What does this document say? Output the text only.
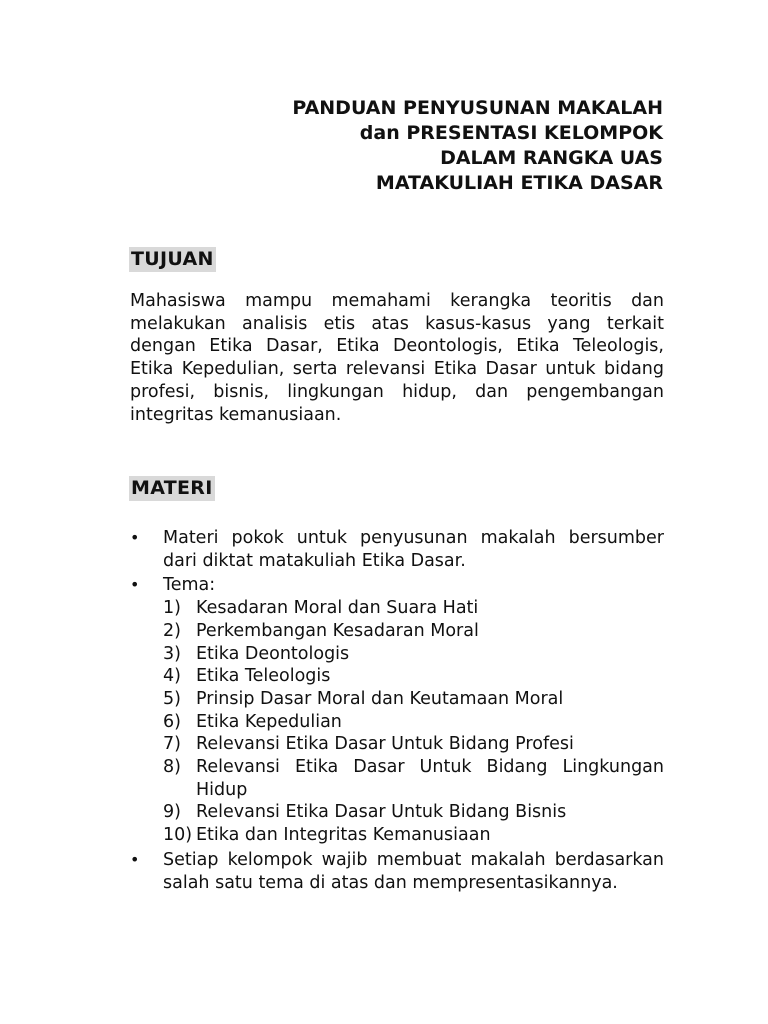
PANDUAN PENYUSUNAN MAKALAH
dan PRESENTASI KELOMPOK
DALAM RANGKA UAS
MATAKULIAH ETIKA DASAR
TUJUAN

Mahasiswa mampu memahami kerangka teoritis dan melakukan analisis etis atas kasus-kasus yang terkait dengan Etika Dasar, Etika Deontologis, Etika Teleologis, Etika Kepedulian, serta relevansi Etika Dasar untuk bidang profesi, bisnis, lingkungan hidup, dan pengembangan integritas kemanusiaan.

MATERI
•	Materi pokok untuk penyusunan makalah bersumber dari diktat matakuliah Etika Dasar.
•	Tema:
1) Kesadaran Moral dan Suara Hati
2) Perkembangan Kesadaran Moral
3) Etika Deontologis
4) Etika Teleologis
5) Prinsip Dasar Moral dan Keutamaan Moral
6) Etika Kepedulian
7) Relevansi Etika Dasar Untuk Bidang Profesi
8) Relevansi Etika Dasar Untuk Bidang Lingkungan Hidup
9) Relevansi Etika Dasar Untuk Bidang Bisnis
10) Etika dan Integritas Kemanusiaan
•	Setiap kelompok wajib membuat makalah berdasarkan salah satu tema di atas dan mempresentasikannya.
